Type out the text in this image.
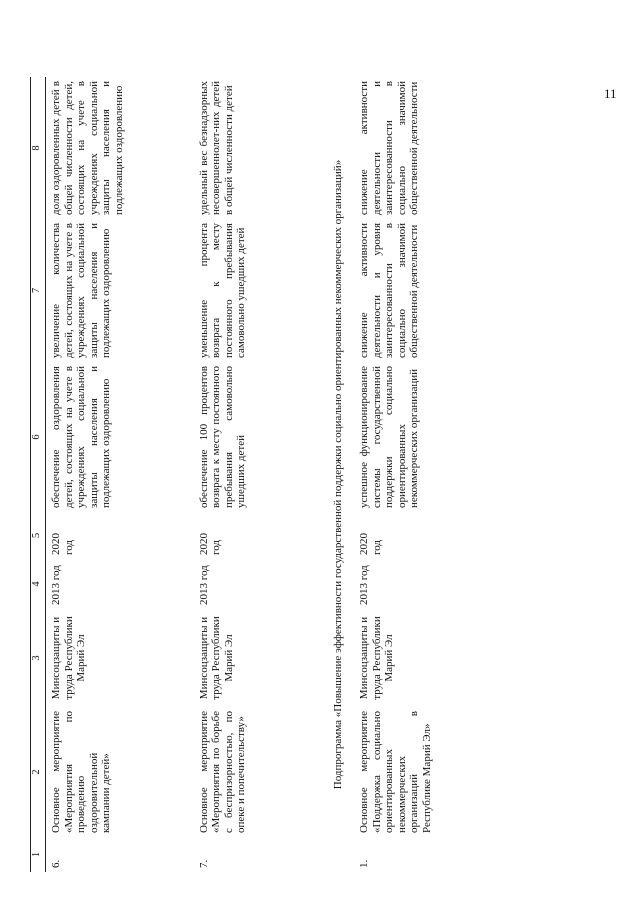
11
1	2	3	4	5	6	7	8
6.	Основное мероприятие «Мероприятия по проведению оздоровительной кампании детей»	Минсоцзащиты и труда Республики Марий Эл	2013 год	2020 год	обеспечение оздоровления детей, состоящих на учете в учреждениях социальной защиты населения и подлежащих оздоровлению	увеличение количества детей, состоящих на учете в учреждениях социальной защиты населения и подлежащих оздоровлению	доля оздоровленных детей в общей численности детей, состоящих на учете в учреждениях социальной защиты населения и подлежащих оздоровлению
7.	Основное мероприятие «Мероприятия по борьбе с беспризорностью, по опеке и попечительству»	Минсоцзащиты и труда Республики Марий Эл	2013 год	2020 год	обеспечение 100 процентов возврата к месту постоянного пребывания самовольно ушедших детей	уменьшение процента возврата к месту постоянного пребывания самовольно ушедших детей	удельный вес безнадзорных несовершеннолет-них детей в общей численности детей
Подпрограмма «Повышение эффективности государственной поддержки социально ориентированных некоммерческих организаций»							
1.	Основное мероприятие «Поддержка социально ориентированных некоммерческих организаций в Республике Марий Эл»	Минсоцзащиты и труда Республики Марий Эл	2013 год	2020 год	успешное функционирование системы государственной поддержки социально ориентированных некоммерческих организаций	снижение активности деятельности и уровня заинтересованности в социально значимой общественной деятельности	снижение активности деятельности и заинтересованности в социально значимой общественной деятельности
